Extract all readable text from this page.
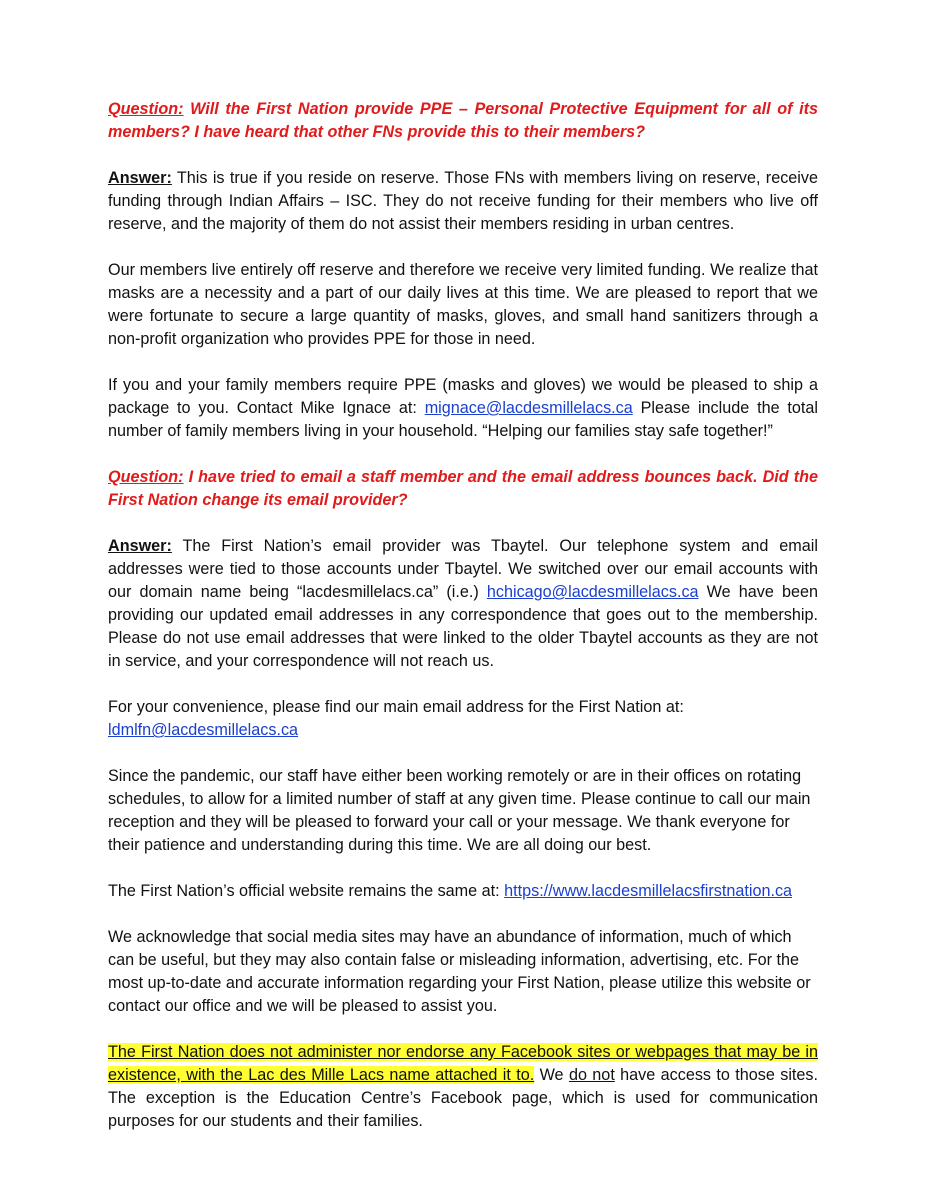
Question: Will the First Nation provide PPE – Personal Protective Equipment for all of its members? I have heard that other FNs provide this to their members?

Answer: This is true if you reside on reserve. Those FNs with members living on reserve, receive funding through Indian Affairs – ISC. They do not receive funding for their members who live off reserve, and the majority of them do not assist their members residing in urban centres.

Our members live entirely off reserve and therefore we receive very limited funding. We realize that masks are a necessity and a part of our daily lives at this time. We are pleased to report that we were fortunate to secure a large quantity of masks, gloves, and small hand sanitizers through a non-profit organization who provides PPE for those in need.

If you and your family members require PPE (masks and gloves) we would be pleased to ship a package to you. Contact Mike Ignace at: mignace@lacdesmillelacs.ca Please include the total number of family members living in your household. “Helping our families stay safe together!”

Question: I have tried to email a staff member and the email address bounces back. Did the First Nation change its email provider?

Answer: The First Nation’s email provider was Tbaytel. Our telephone system and email addresses were tied to those accounts under Tbaytel. We switched over our email accounts with our domain name being “lacdesmillelacs.ca” (i.e.) hchicago@lacdesmillelacs.ca We have been providing our updated email addresses in any correspondence that goes out to the membership. Please do not use email addresses that were linked to the older Tbaytel accounts as they are not in service, and your correspondence will not reach us.

For your convenience, please find our main email address for the First Nation at:
ldmlfn@lacdesmillelacs.ca

Since the pandemic, our staff have either been working remotely or are in their offices on rotating schedules, to allow for a limited number of staff at any given time. Please continue to call our main reception and they will be pleased to forward your call or your message. We thank everyone for their patience and understanding during this time. We are all doing our best.

The First Nation’s official website remains the same at: https://www.lacdesmillelacsfirstnation.ca

We acknowledge that social media sites may have an abundance of information, much of which can be useful, but they may also contain false or misleading information, advertising, etc. For the most up-to-date and accurate information regarding your First Nation, please utilize this website or contact our office and we will be pleased to assist you.

The First Nation does not administer nor endorse any Facebook sites or webpages that may be in existence, with the Lac des Mille Lacs name attached it to. We do not have access to those sites. The exception is the Education Centre’s Facebook page, which is used for communication purposes for our students and their families.
